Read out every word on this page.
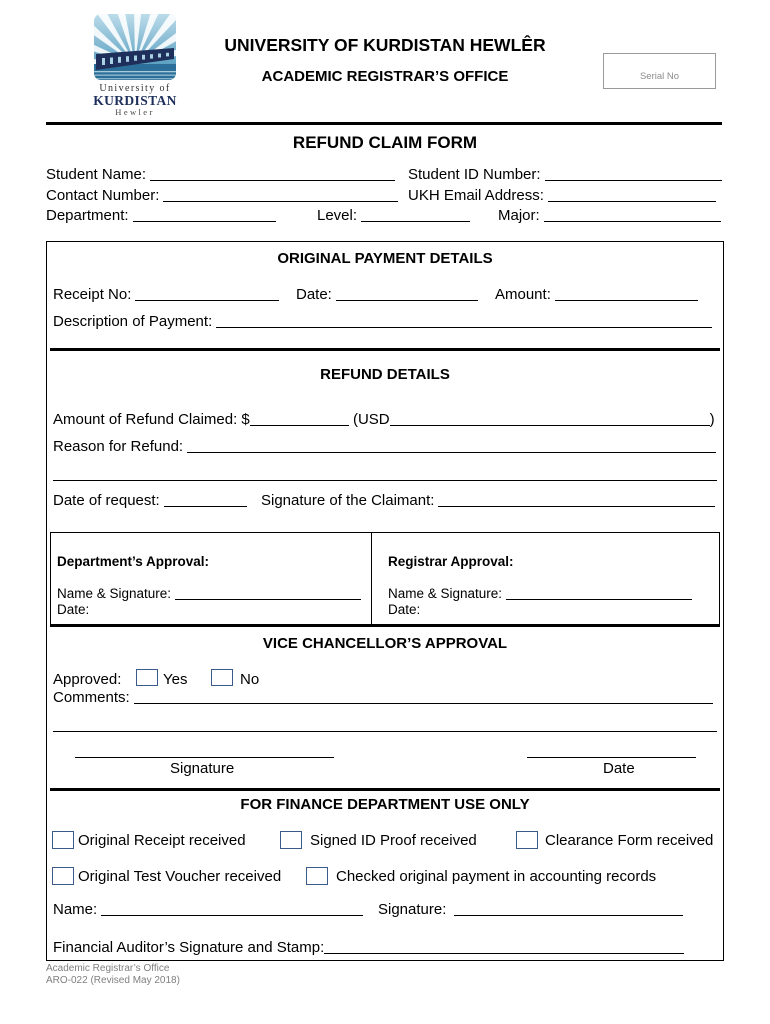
University of
KURDISTAN
Hewler
UNIVERSITY OF KURDISTAN HEWLÊR
ACADEMIC REGISTRAR’S OFFICE	Serial No
REFUND CLAIM FORM
Student Name:	Student ID Number:
Contact Number:	UKH Email Address:
Department:	Level:	Major:
ORIGINAL PAYMENT DETAILS
Receipt No:	Date:	Amount:
Description of Payment:
REFUND DETAILS
Amount of Refund Claimed: $	(USD	)
Reason for Refund:
Date of request:	Signature of the Claimant:
Department’s Approval:
Name & Signature:
Date:
Registrar Approval:
Name & Signature:
Date:
VICE CHANCELLOR’S APPROVAL
Approved:	Yes	No
Comments:
Signature	Date
FOR FINANCE DEPARTMENT USE ONLY
Original Receipt received	Signed ID Proof received	Clearance Form received
Original Test Voucher received	Checked original payment in accounting records
Name:	Signature:
Financial Auditor’s Signature and Stamp:
Academic Registrar’s Office
ARO-022 (Revised May 2018)
